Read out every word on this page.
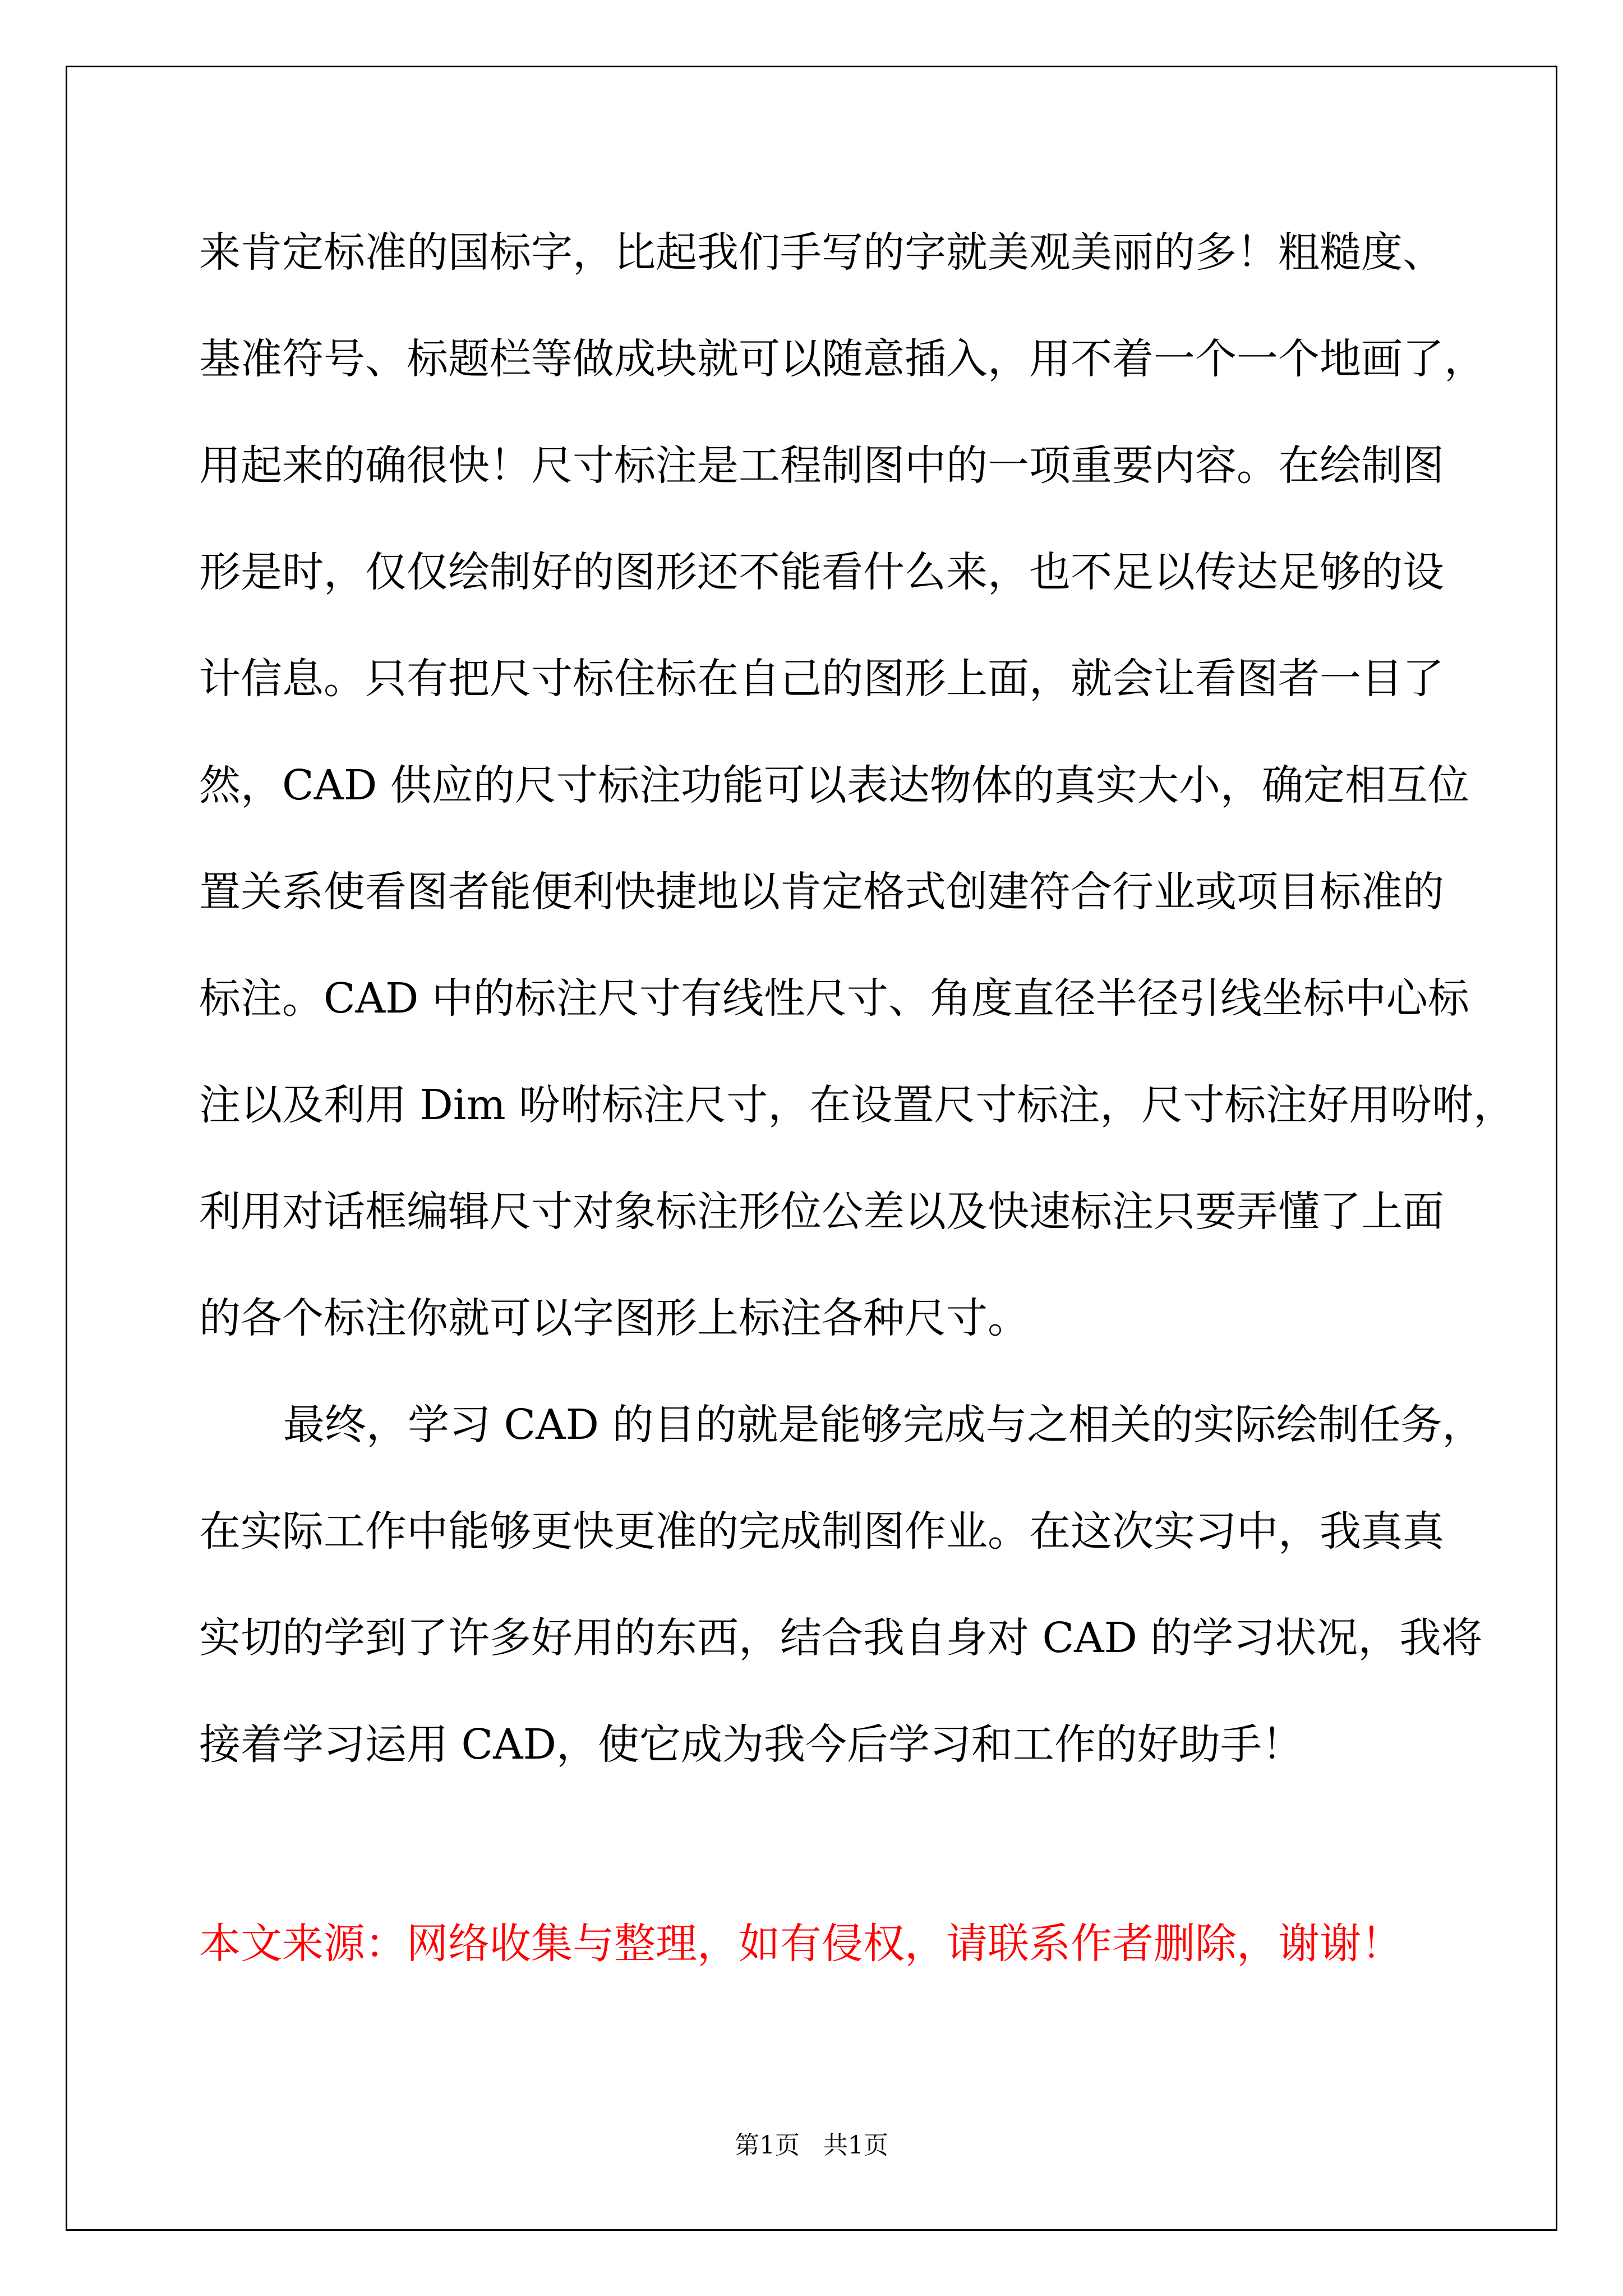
来肯定标准的国标字，比起我们手写的字就美观美丽的多！粗糙度、
基准符号、标题栏等做成块就可以随意插入，用不着一个一个地画了，
用起来的确很快！尺寸标注是工程制图中的一项重要内容。在绘制图
形是时，仅仅绘制好的图形还不能看什么来，也不足以传达足够的设
计信息。只有把尺寸标住标在自己的图形上面，就会让看图者一目了
然，CAD 供应的尺寸标注功能可以表达物体的真实大小，确定相互位
置关系使看图者能便利快捷地以肯定格式创建符合行业或项目标准的
标注。CAD 中的标注尺寸有线性尺寸、角度直径半径引线坐标中心标
注以及利用 Dim 吩咐标注尺寸，在设置尺寸标注，尺寸标注好用吩咐，
利用对话框编辑尺寸对象标注形位公差以及快速标注只要弄懂了上面
的各个标注你就可以字图形上标注各种尺寸。

最终，学习 CAD 的目的就是能够完成与之相关的实际绘制任务，
在实际工作中能够更快更准的完成制图作业。在这次实习中，我真真
实切的学到了许多好用的东西，结合我自身对 CAD 的学习状况，我将
接着学习运用 CAD，使它成为我今后学习和工作的好助手！

本文来源：网络收集与整理，如有侵权，请联系作者删除，谢谢！
第1页   共1页
